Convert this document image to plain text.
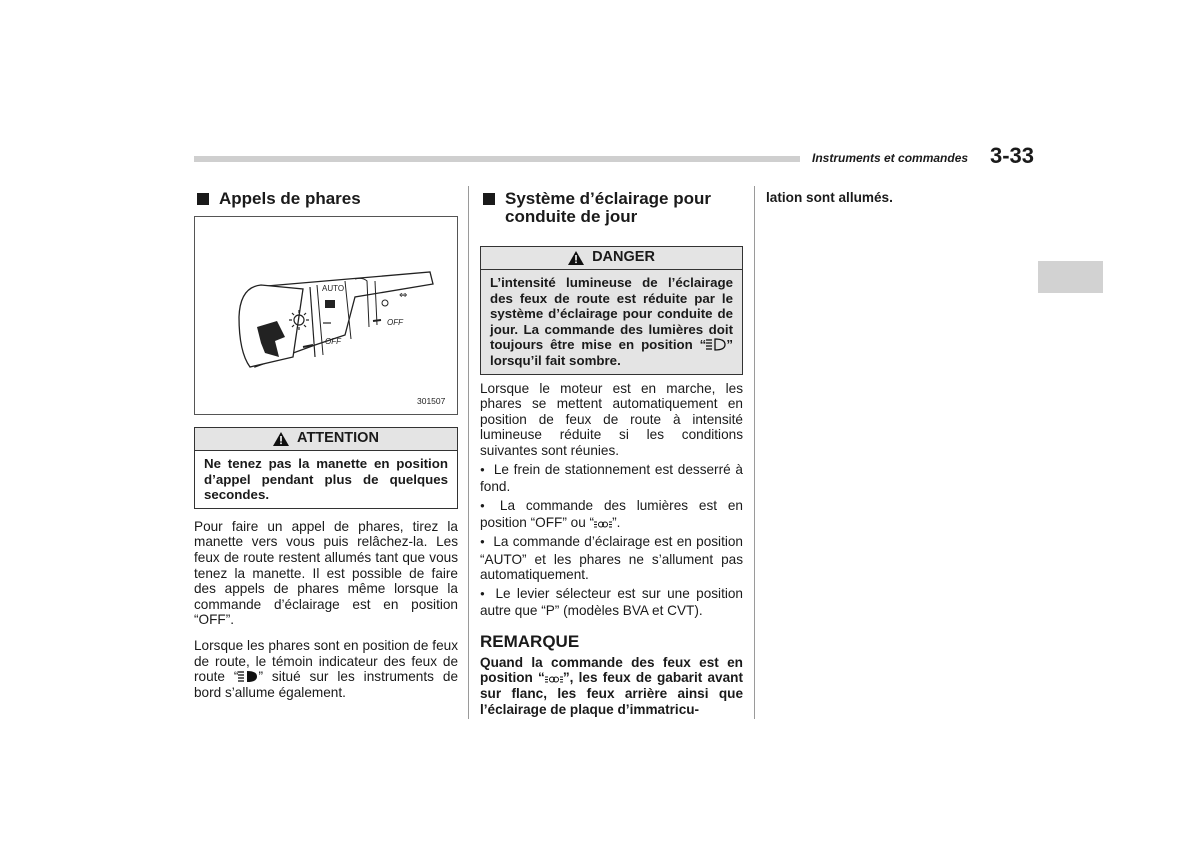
Instruments et commandes 3-33
Appels de phares
AUTO
OFF
OFF
⇔
301507
ATTENTION
Ne tenez pas la manette en position d’appel pendant plus de quelques secondes.

Pour faire un appel de phares, tirez la manette vers vous puis relâchez-la. Les feux de route restent allumés tant que vous tenez la manette. Il est possible de faire des appels de phares même lorsque la commande d’éclairage est en position “OFF”.

Lorsque les phares sont en position de feux de route, le témoin indicateur des feux de route “ ” situé sur les instruments de bord s’allume également.

Système d’éclairage pour conduite de jour
DANGER
L’intensité lumineuse de l’éclairage des feux de route est réduite par le système d’éclairage pour conduite de jour. La commande des lumières doit toujours être mise en position “ ” lorsqu’il fait sombre.

Lorsque le moteur est en marche, les phares se mettent automatiquement en position de feux de route à intensité lumineuse réduite si les conditions suivantes sont réunies.

● Le frein de stationnement est desserré à fond.

● La commande des lumières est en position “OFF” ou “ ”.

● La commande d’éclairage est en position “AUTO” et les phares ne s’allument pas automatiquement.

● Le levier sélecteur est sur une position autre que “P” (modèles BVA et CVT).

REMARQUE

Quand la commande des feux est en position “ ”, les feux de gabarit avant sur flanc, les feux arrière ainsi que l’éclairage de plaque d’immatricu-

lation sont allumés.
